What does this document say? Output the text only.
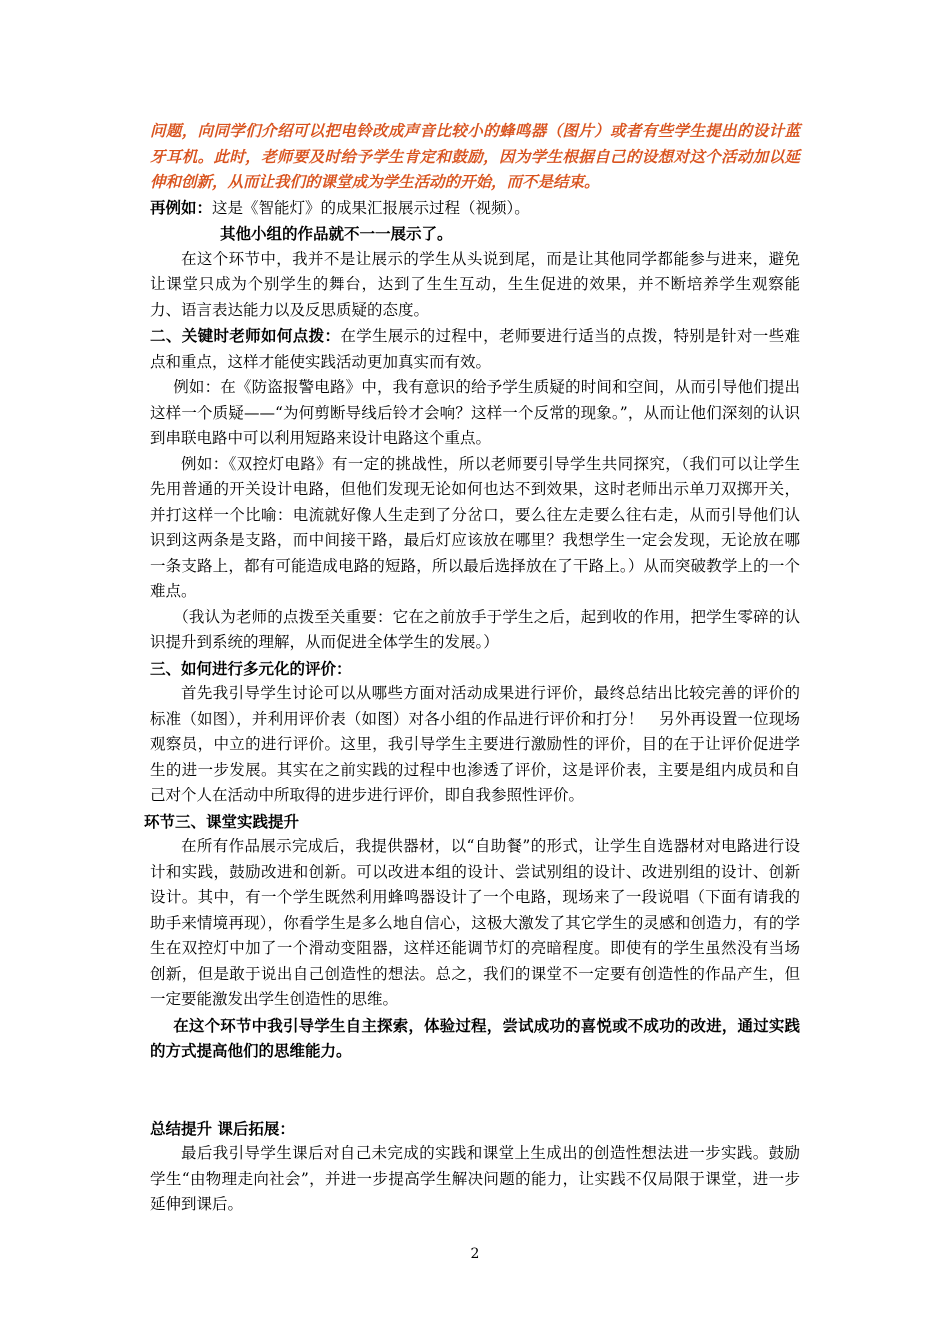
问题，向同学们介绍可以把电铃改成声音比较小的蜂鸣器（图片）或者有些学生提出的设计蓝牙耳机。此时，老师要及时给予学生肯定和鼓励，因为学生根据自己的设想对这个活动加以延伸和创新，从而让我们的课堂成为学生活动的开始，而不是结束。

再例如：这是《智能灯》的成果汇报展示过程（视频）。

其他小组的作品就不一一展示了。

在这个环节中，我并不是让展示的学生从头说到尾，而是让其他同学都能参与进来，避免让课堂只成为个别学生的舞台，达到了生生互动，生生促进的效果，并不断培养学生观察能力、语言表达能力以及反思质疑的态度。

二、关键时老师如何点拨：在学生展示的过程中，老师要进行适当的点拨，特别是针对一些难点和重点，这样才能使实践活动更加真实而有效。

例如：在《防盗报警电路》中，我有意识的给予学生质疑的时间和空间，从而引导他们提出这样一个质疑——“为何剪断导线后铃才会响？这样一个反常的现象。”，从而让他们深刻的认识到串联电路中可以利用短路来设计电路这个重点。

例如：《双控灯电路》有一定的挑战性，所以老师要引导学生共同探究，（我们可以让学生先用普通的开关设计电路，但他们发现无论如何也达不到效果，这时老师出示单刀双掷开关，并打这样一个比喻：电流就好像人生走到了分岔口，要么往左走要么往右走，从而引导他们认识到这两条是支路，而中间接干路，最后灯应该放在哪里？我想学生一定会发现，无论放在哪一条支路上，都有可能造成电路的短路，所以最后选择放在了干路上。）从而突破教学上的一个难点。

（我认为老师的点拨至关重要：它在之前放手于学生之后，起到收的作用，把学生零碎的认识提升到系统的理解，从而促进全体学生的发展。）

三、如何进行多元化的评价：

首先我引导学生讨论可以从哪些方面对活动成果进行评价，最终总结出比较完善的评价的标准（如图），并利用评价表（如图）对各小组的作品进行评价和打分！　另外再设置一位现场观察员，中立的进行评价。这里，我引导学生主要进行激励性的评价，目的在于让评价促进学生的进一步发展。其实在之前实践的过程中也渗透了评价，这是评价表，主要是组内成员和自己对个人在活动中所取得的进步进行评价，即自我参照性评价。

环节三、课堂实践提升

在所有作品展示完成后，我提供器材，以“自助餐”的形式，让学生自选器材对电路进行设计和实践，鼓励改进和创新。可以改进本组的设计、尝试别组的设计、改进别组的设计、创新设计。其中，有一个学生既然利用蜂鸣器设计了一个电路，现场来了一段说唱（下面有请我的助手来情境再现），你看学生是多么地自信心，这极大激发了其它学生的灵感和创造力，有的学生在双控灯中加了一个滑动变阻器，这样还能调节灯的亮暗程度。即使有的学生虽然没有当场创新，但是敢于说出自己创造性的想法。总之，我们的课堂不一定要有创造性的作品产生，但一定要能激发出学生创造性的思维。

在这个环节中我引导学生自主探索，体验过程，尝试成功的喜悦或不成功的改进，通过实践的方式提高他们的思维能力。

总结提升 课后拓展：

最后我引导学生课后对自己未完成的实践和课堂上生成出的创造性想法进一步实践。鼓励学生“由物理走向社会”，并进一步提高学生解决问题的能力，让实践不仅局限于课堂，进一步延伸到课后。

2
